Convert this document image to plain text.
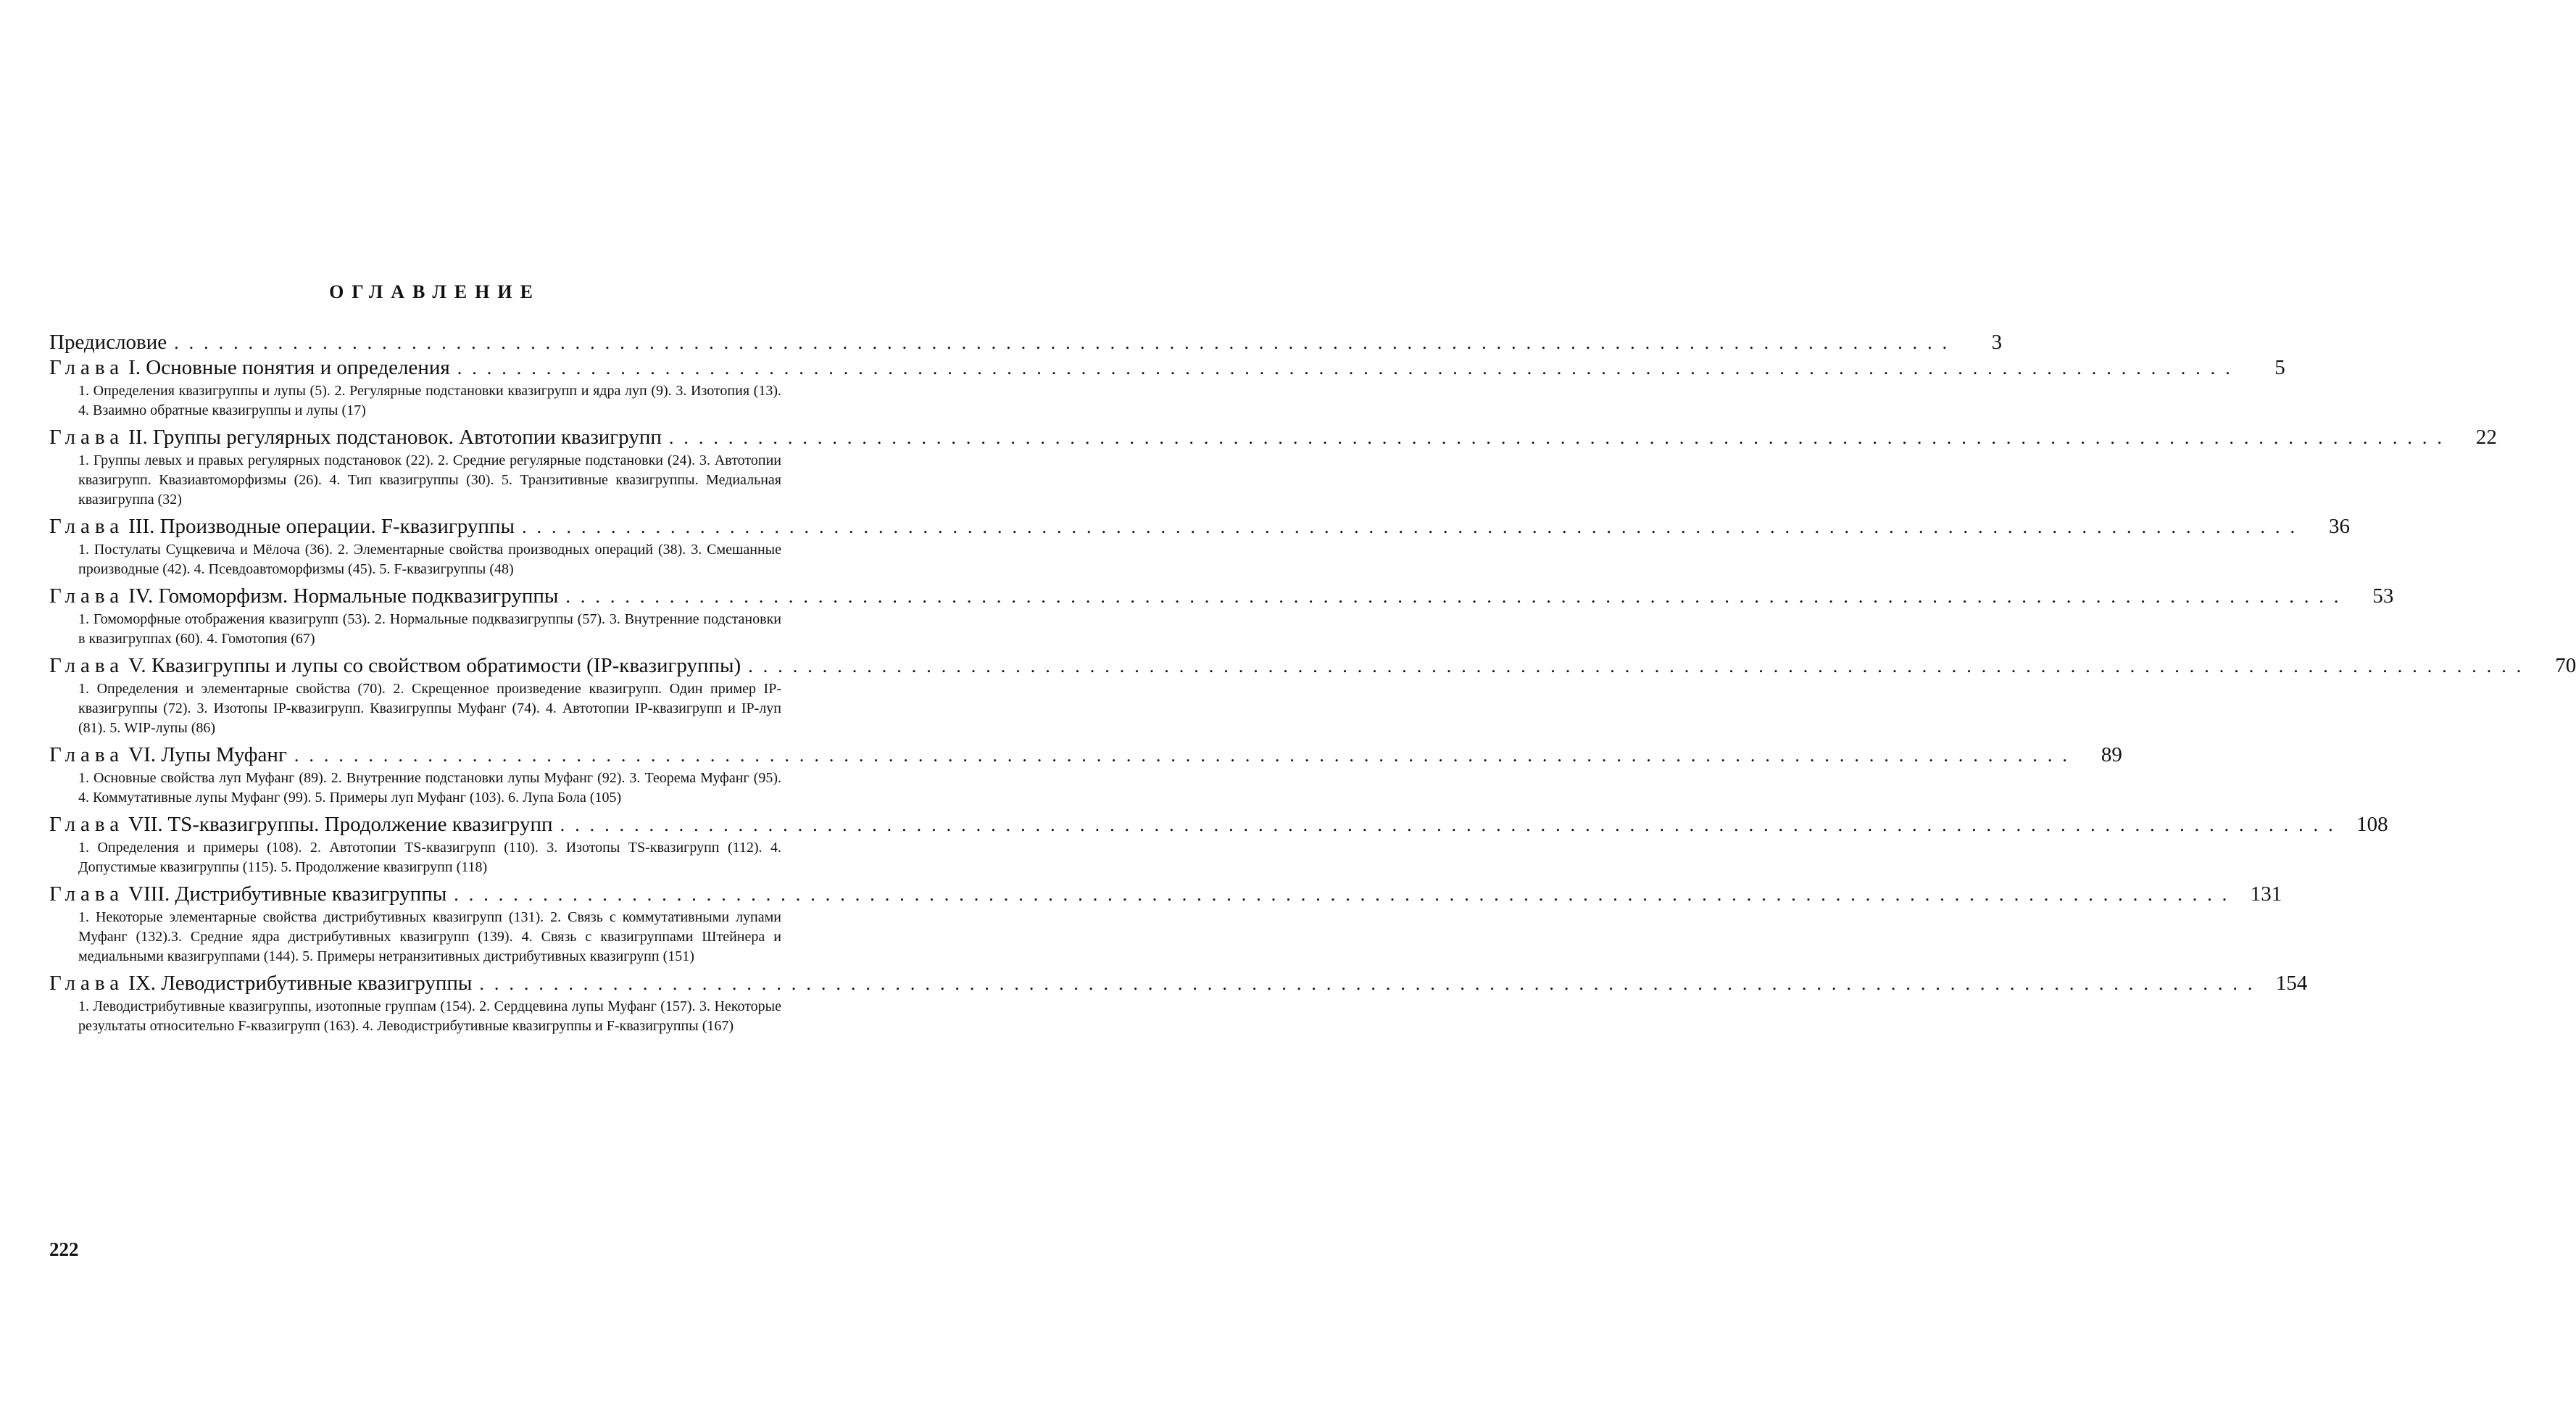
ОГЛАВЛЕНИЕ
Предисловие ........................................................................................................................	3
Глава I. Основные понятия и определения ........................................................................................................................	5
1. Определения квазигруппы и лупы (5). 2. Регулярные подстановки квазигрупп и ядра луп (9). 3. Изотопия (13). 4. Взаимно обратные квазигруппы и лупы (17)
Глава II. Группы регулярных подстановок. Автотопии квазигрупп ........................................................................................................................	22
1. Группы левых и правых регулярных подстановок (22). 2. Средние регулярные подстановки (24). 3. Автотопии квазигрупп. Квазиавтоморфизмы (26). 4. Тип квазигруппы (30). 5. Транзитивные квазигруппы. Медиальная квазигруппа (32)
Глава III. Производные операции. F-квазигруппы ........................................................................................................................	36
1. Постулаты Сущкевича и Мёлоча (36). 2. Элементарные свойства производных операций (38). 3. Смешанные производные (42). 4. Псевдоавтоморфизмы (45). 5. F-квазигруппы (48)
Глава IV. Гомоморфизм. Нормальные подквазигруппы ........................................................................................................................	53
1. Гомоморфные отображения квазигрупп (53). 2. Нормальные подквазигруппы (57). 3. Внутренние подстановки в квазигруппах (60). 4. Гомотопия (67)
Глава V. Квазигруппы и лупы со свойством обратимости (IP-квазигруппы) ........................................................................................................................	70
1. Определения и элементарные свойства (70). 2. Скрещенное произведение квазигрупп. Один пример IP-квазигруппы (72). 3. Изотопы IP-квазигрупп. Квазигруппы Муфанг (74). 4. Автотопии IP-квазигрупп и IP-луп (81). 5. WIP-лупы (86)
Глава VI. Лупы Муфанг ........................................................................................................................	89
1. Основные свойства луп Муфанг (89). 2. Внутренние подстановки лупы Муфанг (92). 3. Теорема Муфанг (95). 4. Коммутативные лупы Муфанг (99). 5. Примеры луп Муфанг (103). 6. Лупа Бола (105)
Глава VII. TS-квазигруппы. Продолжение квазигрупп ........................................................................................................................ 108
1. Определения и примеры (108). 2. Автотопии TS-квазигрупп (110). 3. Изотопы TS-квазигрупп (112). 4. Допустимые квазигруппы (115). 5. Продолжение квазигрупп (118)
Глава VIII. Дистрибутивные квазигруппы ........................................................................................................................ 131
1. Некоторые элементарные свойства дистрибутивных квазигрупп (131). 2. Связь с коммутативными лупами Муфанг (132).3. Средние ядра дистрибутивных квазигрупп (139). 4. Связь с квазигруппами Штейнера и медиальными квазигруппами (144). 5. Примеры нетранзитивных дистрибутивных квазигрупп (151)
Глава IX. Леводистрибутивные квазигруппы ........................................................................................................................ 154
1. Леводистрибутивные квазигруппы, изотопные группам (154). 2. Сердцевина лупы Муфанг (157). 3. Некоторые результаты относительно F-квазигрупп (163). 4. Леводистрибутивные квазигруппы и F-квазигруппы (167)
222
